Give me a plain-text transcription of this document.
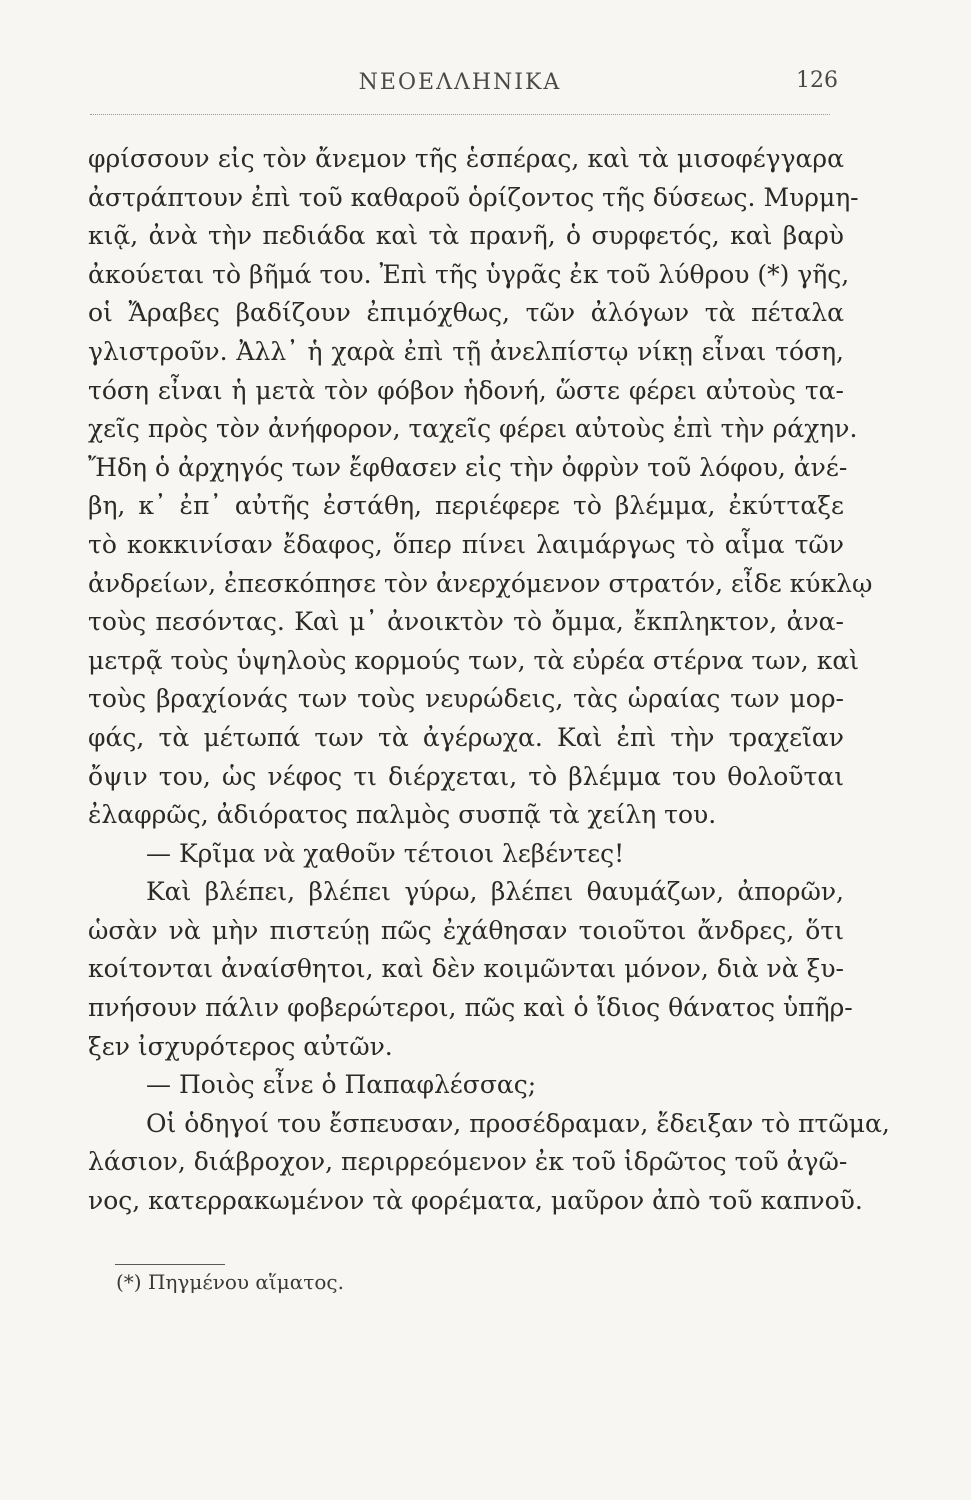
ΝΕΟΕΛΛΗΝΙΚΑ	126
φρίσσουν εἰς τὸν ἄνεμον τῆς ἑσπέρας, καὶ τὰ μισοφέγγαρα
ἀστράπτουν ἐπὶ τοῦ καθαροῦ ὁρίζοντος τῆς δύσεως. Μυρμη-
κιᾷ, ἀνὰ τὴν πεδιάδα καὶ τὰ πρανῆ, ὁ συρφετός, καὶ βαρὺ
ἀκούεται τὸ βῆμά του. Ἐπὶ τῆς ὑγρᾶς ἐκ τοῦ λύθρου (*) γῆς,
οἱ Ἄραβες βαδίζουν ἐπιμόχθως, τῶν ἀλόγων τὰ πέταλα
γλιστροῦν. Ἀλλ᾽ ἡ χαρὰ ἐπὶ τῇ ἀνελπίστῳ νίκῃ εἶναι τόση,
τόση εἶναι ἡ μετὰ τὸν φόβον ἡδονή, ὥστε φέρει αὐτοὺς τα-
χεῖς πρὸς τὸν ἀνήφορον, ταχεῖς φέρει αὐτοὺς ἐπὶ τὴν ράχην.
Ἤδη ὁ ἀρχηγός των ἔφθασεν εἰς τὴν ὀφρὺν τοῦ λόφου, ἀνέ-
βη, κ᾽ ἐπ᾽ αὐτῆς ἐστάθη, περιέφερε τὸ βλέμμα, ἐκύτταξε
τὸ κοκκινίσαν ἔδαφος, ὅπερ πίνει λαιμάργως τὸ αἷμα τῶν
ἀνδρείων, ἐπεσκόπησε τὸν ἀνερχόμενον στρατόν, εἶδε κύκλῳ
τοὺς πεσόντας. Καὶ μ᾽ ἀνοικτὸν τὸ ὄμμα, ἔκπληκτον, ἀνα-
μετρᾷ τοὺς ὑψηλοὺς κορμούς των, τὰ εὐρέα στέρνα των, καὶ
τοὺς βραχίονάς των τοὺς νευρώδεις, τὰς ὡραίας των μορ-
φάς, τὰ μέτωπά των τὰ ἀγέρωχα. Καὶ ἐπὶ τὴν τραχεῖαν
ὄψιν του, ὡς νέφος τι διέρχεται, τὸ βλέμμα του θολοῦται
ἐλαφρῶς, ἀδιόρατος παλμὸς συσπᾷ τὰ χείλη του.
— Κρῖμα νὰ χαθοῦν τέτοιοι λεβέντες!
Καὶ βλέπει, βλέπει γύρω, βλέπει θαυμάζων, ἀπορῶν,
ὡσὰν νὰ μὴν πιστεύῃ πῶς ἐχάθησαν τοιοῦτοι ἄνδρες, ὅτι
κοίτονται ἀναίσθητοι, καὶ δὲν κοιμῶνται μόνον, διὰ νὰ ξυ-
πνήσουν πάλιν φοβερώτεροι, πῶς καὶ ὁ ἴδιος θάνατος ὑπῆρ-
ξεν ἰσχυρότερος αὐτῶν.
— Ποιὸς εἶνε ὁ Παπαφλέσσας;
Οἱ ὁδηγοί του ἔσπευσαν, προσέδραμαν, ἔδειξαν τὸ πτῶμα,
λάσιον, διάβροχον, περιρρεόμενον ἐκ τοῦ ἱδρῶτος τοῦ ἀγῶ-
νος, κατερρακωμένον τὰ φορέματα, μαῦρον ἀπὸ τοῦ καπνοῦ.
(*) Πηγμένου αἵματος.
